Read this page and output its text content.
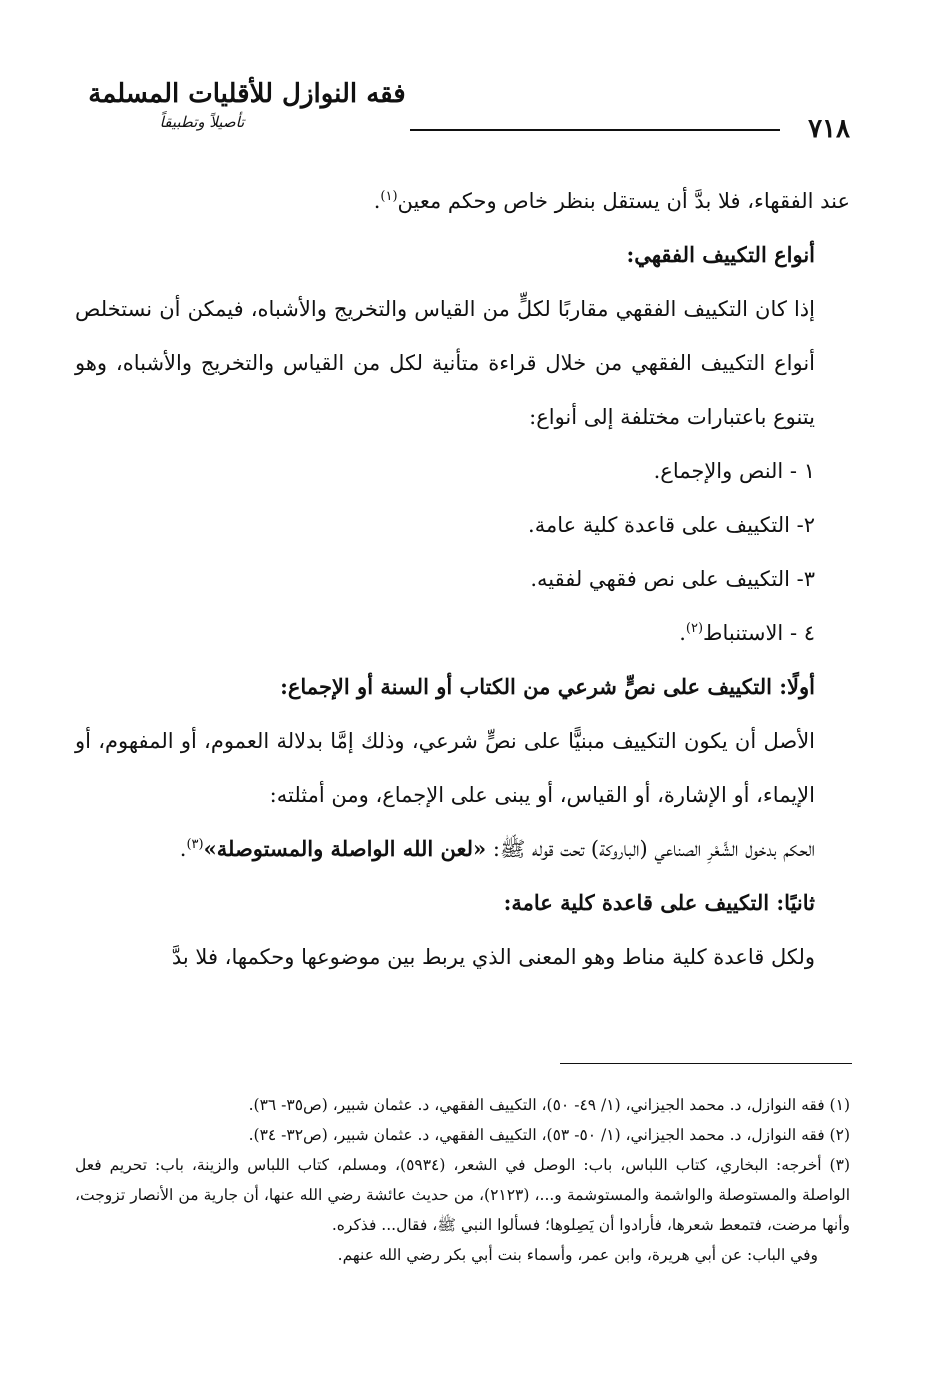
٧١٨
فقه النوازل للأقليات المسلمة
تأصيلاً وتطبيقاً

عند الفقهاء، فلا بدَّ أن يستقل بنظر خاص وحكم معين$^{(١)}$.

أنواع التكييف الفقهي:

إذا كان التكييف الفقهي مقاربًا لكلٍّ من القياس والتخريج والأشباه، فيمكن أن نستخلص أنواع التكييف الفقهي من خلال قراءة متأنية لكل من القياس والتخريج والأشباه، وهو يتنوع باعتبارات مختلفة إلى أنواع:

١ - النص والإجماع.

٢- التكييف على قاعدة كلية عامة.

٣- التكييف على نص فقهي لفقيه.

٤ - الاستنباط$^{(٢)}$.

أولًا: التكييف على نصٍّ شرعي من الكتاب أو السنة أو الإجماع:

الأصل أن يكون التكييف مبنيًّا على نصٍّ شرعي، وذلك إمَّا بدلالة العموم، أو المفهوم، أو الإيماء، أو الإشارة، أو القياس، أو يبنى على الإجماع، ومن أمثلته:

الحكم بدخول الشَّعْرِ الصناعي (الباروكة) تحت قوله ﷺ: «لعن الله الواصلة والمستوصلة»$^{(٣)}$.

ثانيًا: التكييف على قاعدة كلية عامة:

ولكل قاعدة كلية مناط وهو المعنى الذي يربط بين موضوعها وحكمها، فلا بدَّ

(١) فقه النوازل، د. محمد الجيزاني، (١/ ٤٩- ٥٠)، التكييف الفقهي، د. عثمان شبير، (ص٣٥- ٣٦).

(٢) فقه النوازل، د. محمد الجيزاني، (١/ ٥٠- ٥٣)، التكييف الفقهي، د. عثمان شبير، (ص٣٢- ٣٤).

(٣) أخرجه: البخاري، كتاب اللباس، باب: الوصل في الشعر، (٥٩٣٤)، ومسلم، كتاب اللباس والزينة، باب: تحريم فعل الواصلة والمستوصلة والواشمة والمستوشمة و...، (٢١٢٣)، من حديث عائشة رضي الله عنها، أن جارية من الأنصار تزوجت، وأنها مرضت، فتمعط شعرها، فأرادوا أن يَصِلوها؛ فسألوا النبي ﷺ، فقال... فذكره.

وفي الباب: عن أبي هريرة، وابن عمر، وأسماء بنت أبي بكر رضي الله عنهم.
